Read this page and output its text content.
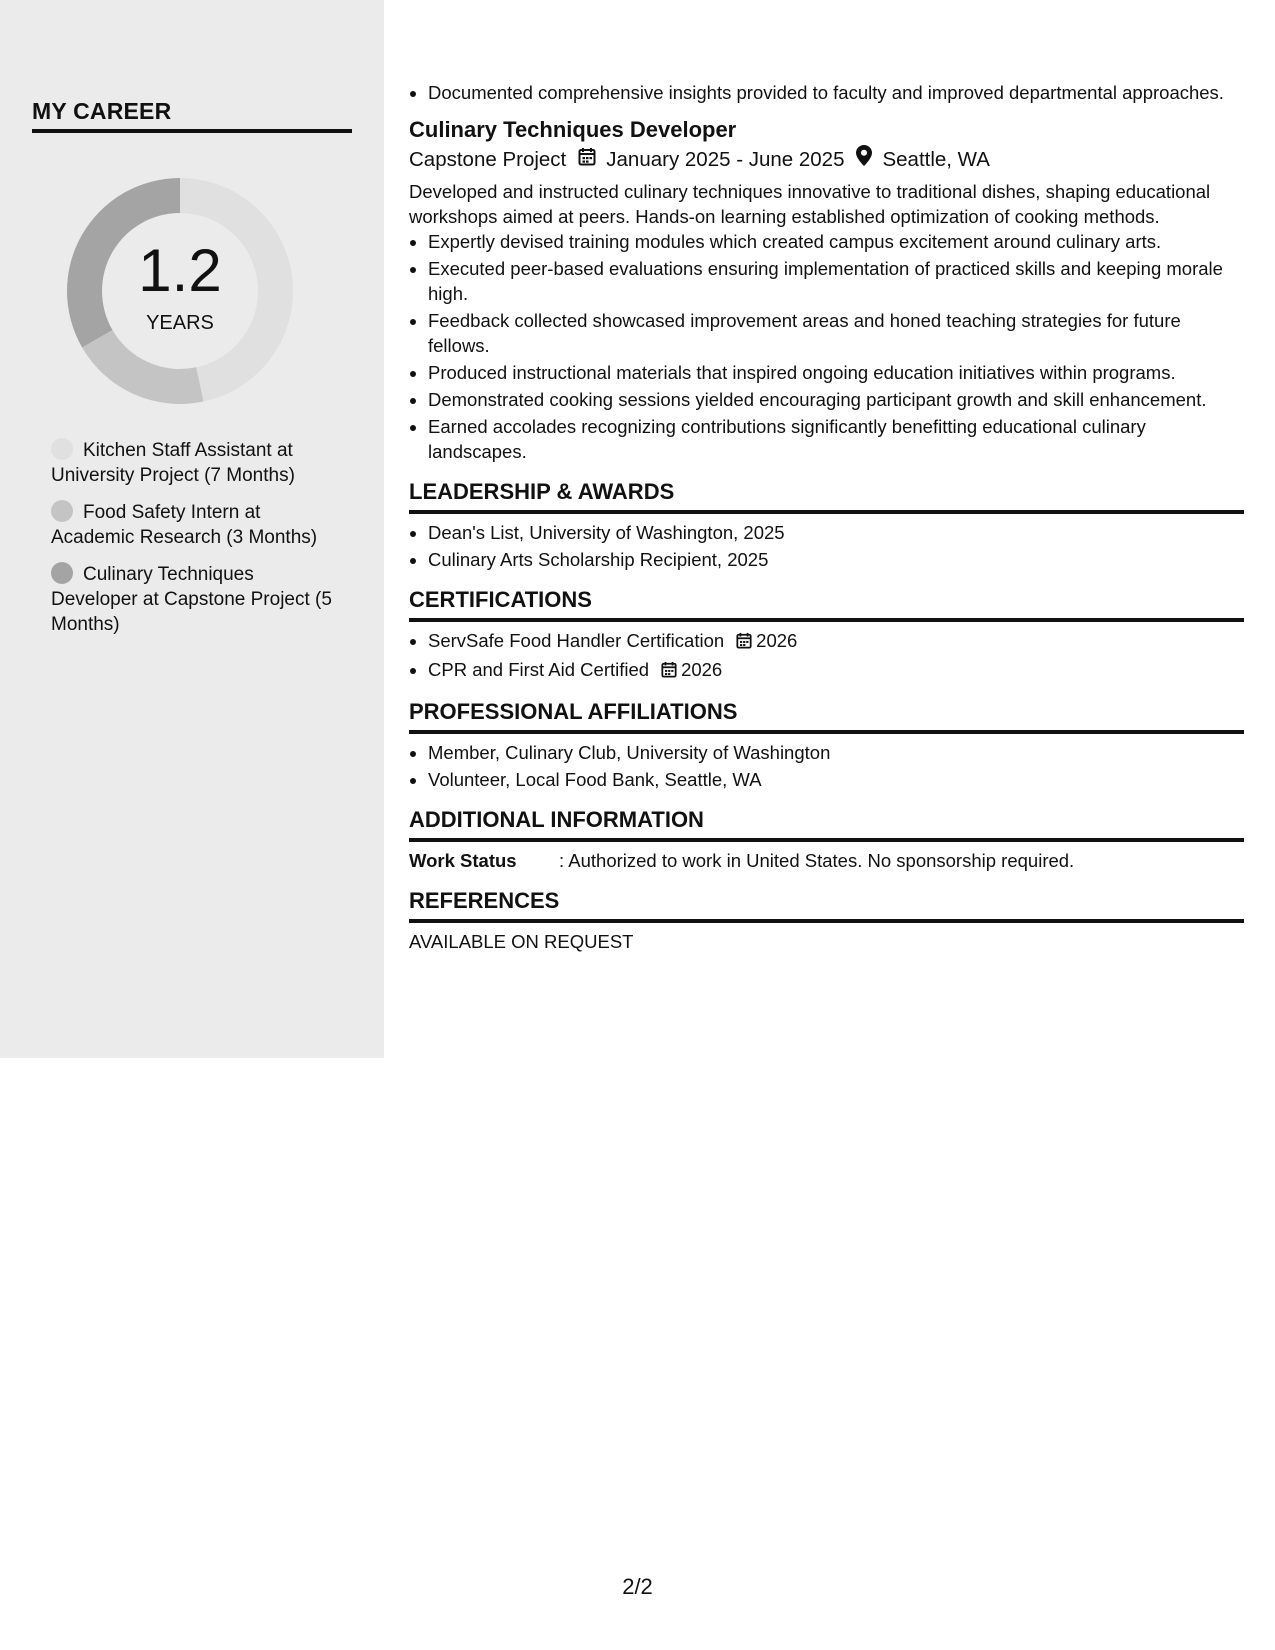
MY CAREER
1.2
YEARS
Kitchen Staff Assistant at University Project (7 Months)
Food Safety Intern at Academic Research (3 Months)
Culinary Techniques Developer at Capstone Project (5 Months)
• Documented comprehensive insights provided to faculty and improved departmental approaches.
Culinary Techniques Developer
Capstone Project January 2025 - June 2025 Seattle, WA
Developed and instructed culinary techniques innovative to traditional dishes, shaping educational workshops aimed at peers. Hands-on learning established optimization of cooking methods.
• Expertly devised training modules which created campus excitement around culinary arts.
• Executed peer-based evaluations ensuring implementation of practiced skills and keeping morale high.
• Feedback collected showcased improvement areas and honed teaching strategies for future fellows.
• Produced instructional materials that inspired ongoing education initiatives within programs.
• Demonstrated cooking sessions yielded encouraging participant growth and skill enhancement.
• Earned accolades recognizing contributions significantly benefitting educational culinary landscapes.
LEADERSHIP & AWARDS
• Dean's List, University of Washington, 2025
• Culinary Arts Scholarship Recipient, 2025
CERTIFICATIONS
• ServSafe Food Handler Certification 2026
• CPR and First Aid Certified 2026
PROFESSIONAL AFFILIATIONS
• Member, Culinary Club, University of Washington
• Volunteer, Local Food Bank, Seattle, WA
ADDITIONAL INFORMATION
Work Status	: Authorized to work in United States. No sponsorship required.
REFERENCES
AVAILABLE ON REQUEST
2/2
